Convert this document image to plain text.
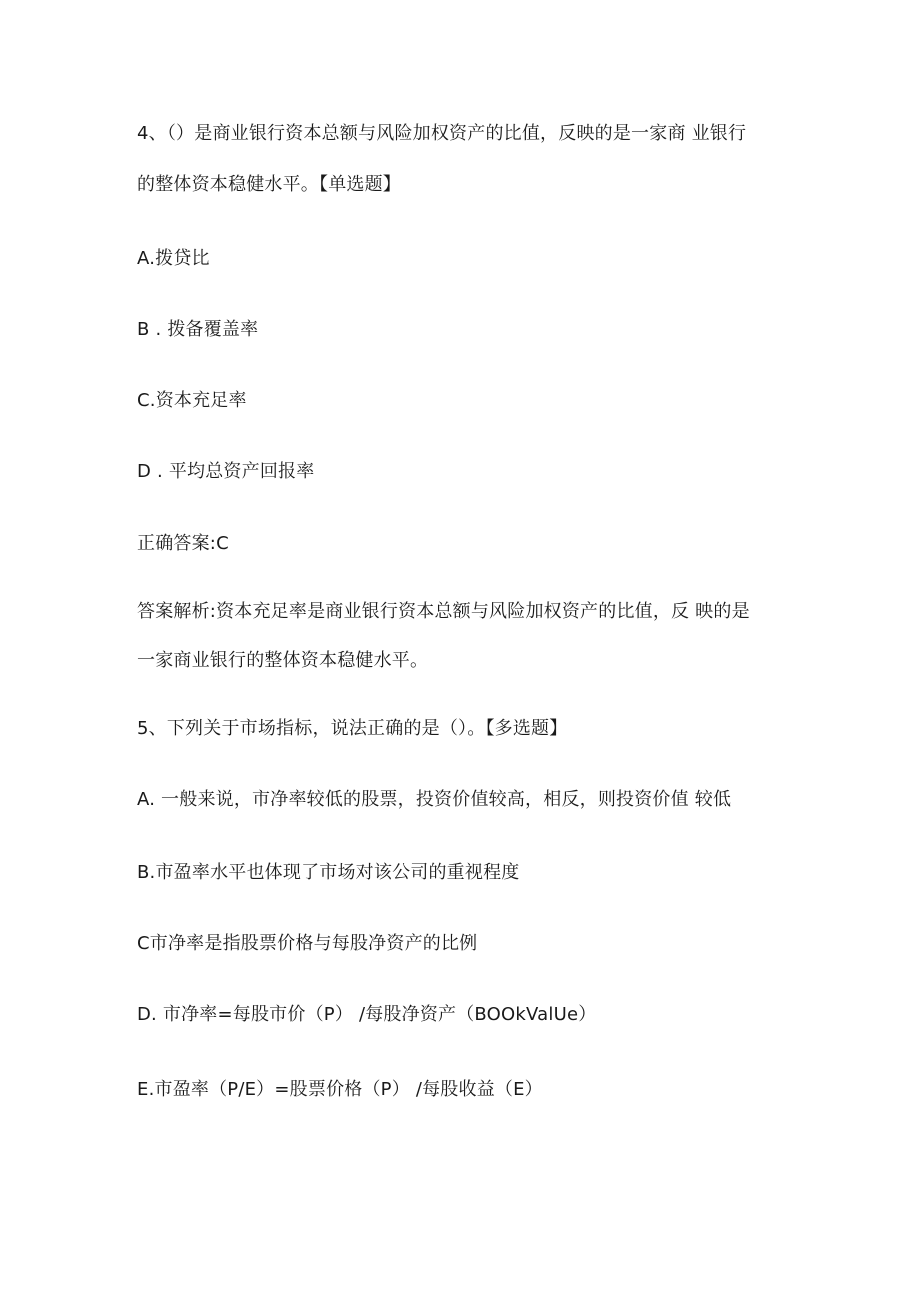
4、（）是商业银行资本总额与风险加权资产的比值，反映的是一家商 业银行
的整体资本稳健水平。【单选题】
A.拨贷比
B . 拨备覆盖率
C.资本充足率
D . 平均总资产回报率
正确答案:C
答案解析:资本充足率是商业银行资本总额与风险加权资产的比值，反 映的是
一家商业银行的整体资本稳健水平。
5、下列关于市场指标，说法正确的是（）。【多选题】
A. 一般来说，市净率较低的股票，投资价值较高，相反，则投资价值 较低
B.市盈率水平也体现了市场对该公司的重视程度
C市净率是指股票价格与每股净资产的比例
D. 市净率=每股市价（P） /每股净资产（BOOkValUe）
E.市盈率（P/E）=股票价格（P） /每股收益（E）
